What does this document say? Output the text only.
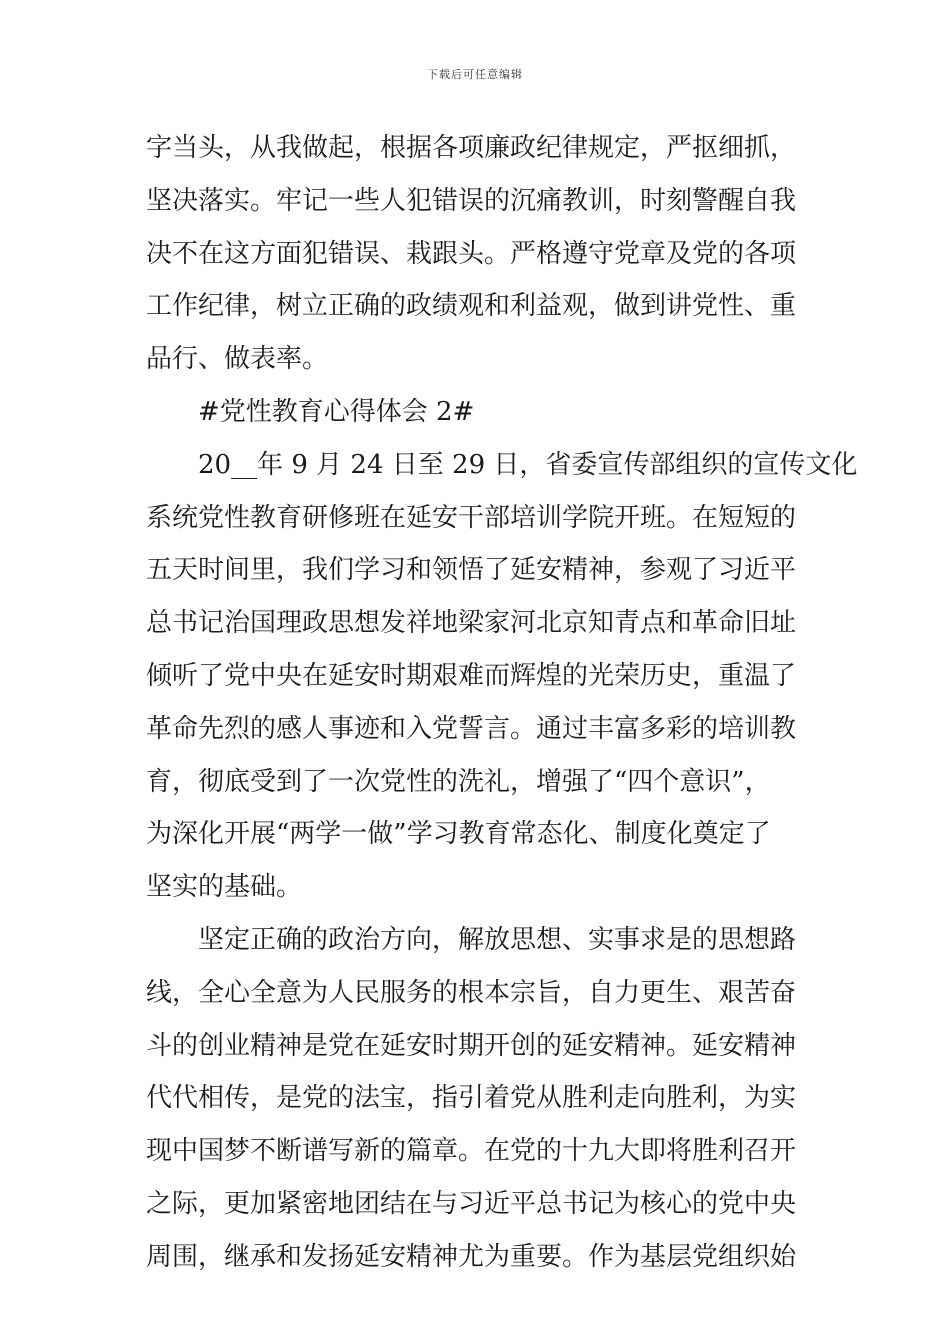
下载后可任意编辑
字当头，从我做起，根据各项廉政纪律规定，严抠细抓，
坚决落实。牢记一些人犯错误的沉痛教训，时刻警醒自我
决不在这方面犯错误、栽跟头。严格遵守党章及党的各项
工作纪律，树立正确的政绩观和利益观，做到讲党性、重
品行、做表率。
#党性教育心得体会 2#
20__年 9 月 24 日至 29 日，省委宣传部组织的宣传文化
系统党性教育研修班在延安干部培训学院开班。在短短的
五天时间里，我们学习和领悟了延安精神，参观了习近平
总书记治国理政思想发祥地梁家河北京知青点和革命旧址
倾听了党中央在延安时期艰难而辉煌的光荣历史，重温了
革命先烈的感人事迹和入党誓言。通过丰富多彩的培训教
育，彻底受到了一次党性的洗礼，增强了“四个意识”，
为深化开展“两学一做”学习教育常态化、制度化奠定了
坚实的基础。
坚定正确的政治方向，解放思想、实事求是的思想路
线，全心全意为人民服务的根本宗旨，自力更生、艰苦奋
斗的创业精神是党在延安时期开创的延安精神。延安精神
代代相传，是党的法宝，指引着党从胜利走向胜利，为实
现中国梦不断谱写新的篇章。在党的十九大即将胜利召开
之际，更加紧密地团结在与习近平总书记为核心的党中央
周围，继承和发扬延安精神尤为重要。作为基层党组织始
